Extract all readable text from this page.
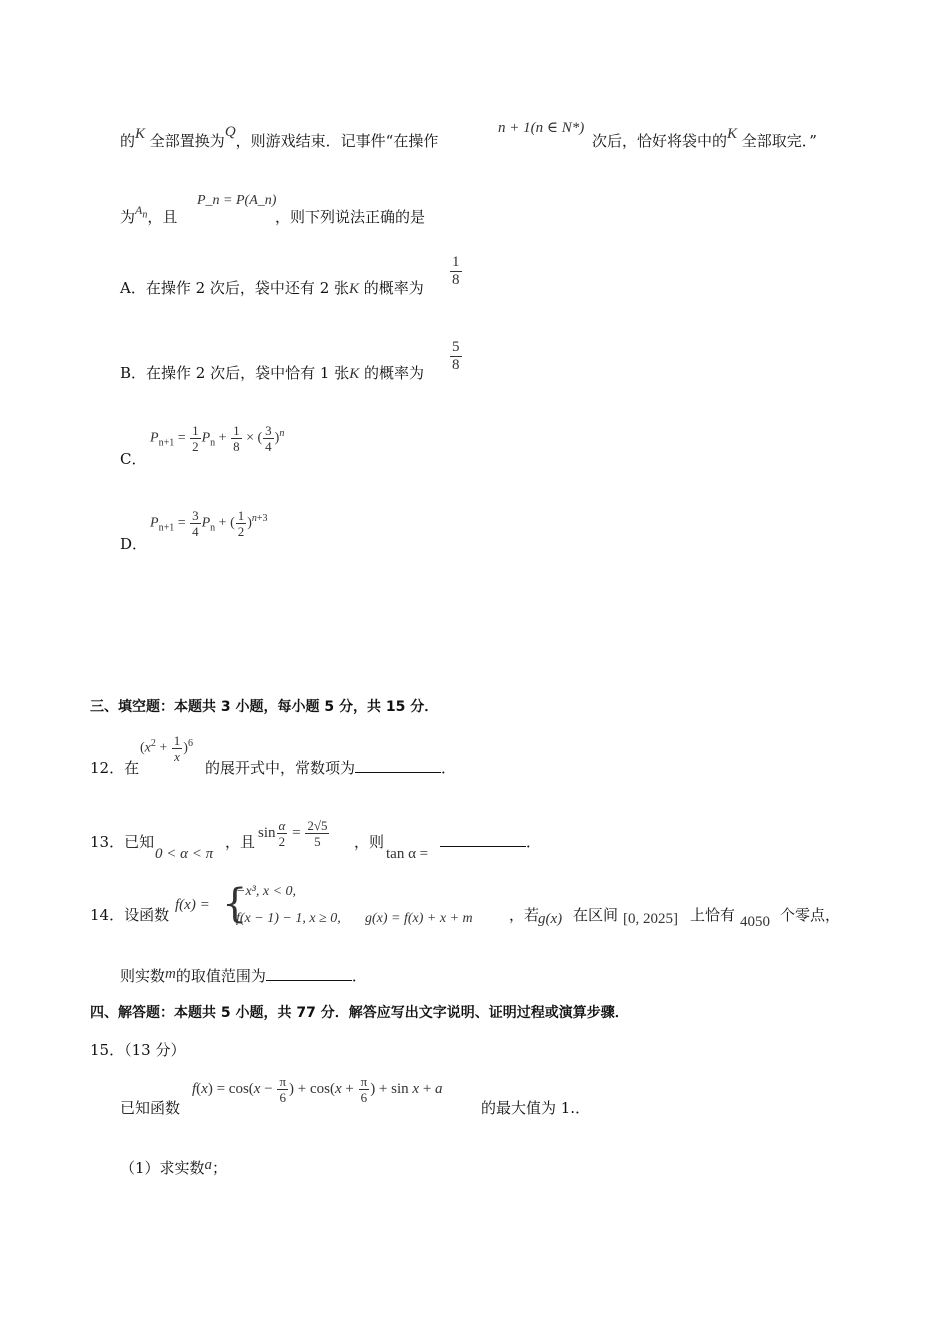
的K 全部置换为Q，则游戏结束．记事件“在操作
n + 1(n ∈ N*)
次后，恰好将袋中的K 全部取完．”
为$^{A_n}$，且
P_n = P(A_n)
，则下列说法正确的是
A．在操作 2 次后，袋中还有 2 张K 的概率为 $\frac{1}{8}$
B．在操作 2 次后，袋中恰有 1 张K 的概率为 $\frac{5}{8}$
C．
$P_{n+1} = \frac{1}{2} P_n + \frac{1}{8}$ × ( $\frac{3}{4} )^n$
D．
$P_{n+1} = \frac{3}{4} P_n$ + ( $\frac{1}{2} )^{n+3}$
三、填空题：本题共 3 小题，每小题 5 分，共 15 分．
12．在
$(x^2 + \frac{1}{x} )^6$
的展开式中，常数项为	．
13．已知
0 < α < π
，且
$\sin \frac{\alpha}{2} = \frac{2√5}{5}$ ，则
tan α =
．
14．设函数
f(x) = {
−x³, x < 0,
f(x − 1) − 1, x ≥ 0, g(x) = f(x) + x + m ，若
g(x) 在区间 [0, 2025] 上恰有 4050 个零点，
则实数m的取值范围为	．
四、解答题：本题共 5 小题，共 77 分．解答应写出文字说明、证明过程或演算步骤．
15．（13 分）
已知函数
$f(x) = \cos(x - \frac{\pi}{6}$ ) + $\cos(x + \frac{\pi}{6}$ ) + sin x + a
的最大值为 1.．
（1）求实数a；
